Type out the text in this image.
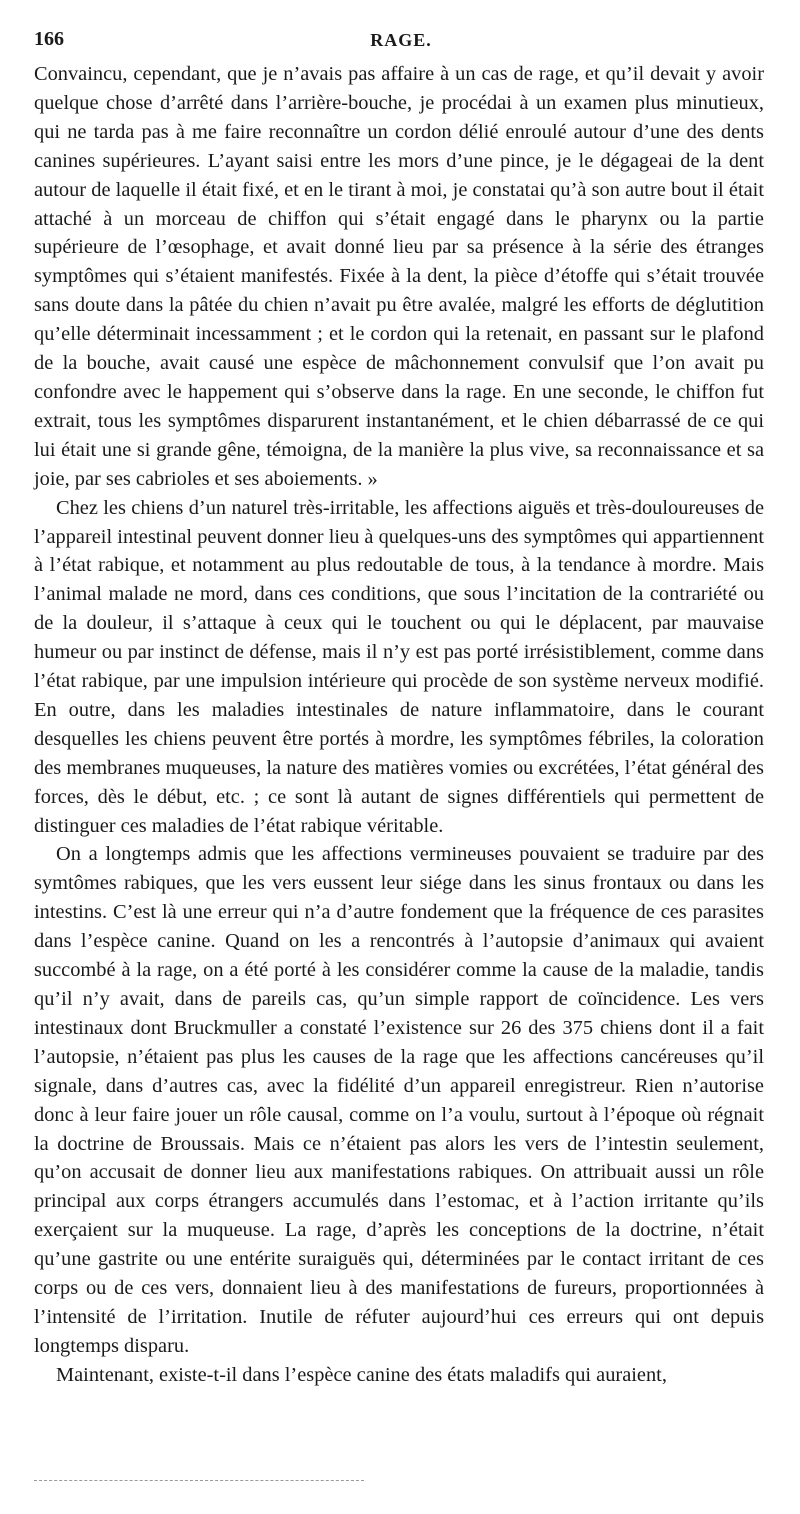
166	RAGE.

Convaincu, cependant, que je n’avais pas affaire à un cas de rage, et qu’il devait y avoir quelque chose d’arrêté dans l’arrière-bouche, je procédai à un examen plus minutieux, qui ne tarda pas à me faire reconnaître un cordon délié enroulé autour d’une des dents canines supérieures. L’ayant saisi entre les mors d’une pince, je le dégageai de la dent autour de laquelle il était fixé, et en le tirant à moi, je constatai qu’à son autre bout il était attaché à un morceau de chiffon qui s’était engagé dans le pharynx ou la partie supérieure de l’œsophage, et avait donné lieu par sa présence à la série des étranges symptômes qui s’étaient manifestés. Fixée à la dent, la pièce d’étoffe qui s’était trouvée sans doute dans la pâtée du chien n’avait pu être avalée, malgré les efforts de déglutition qu’elle déterminait incessamment ; et le cordon qui la retenait, en passant sur le plafond de la bouche, avait causé une espèce de mâchonnement convulsif que l’on avait pu confondre avec le happement qui s’observe dans la rage. En une seconde, le chiffon fut extrait, tous les symptômes disparurent instantanément, et le chien débarrassé de ce qui lui était une si grande gêne, témoigna, de la manière la plus vive, sa reconnaissance et sa joie, par ses cabrioles et ses aboiements. »

Chez les chiens d’un naturel très-irritable, les affections aiguës et très-douloureuses de l’appareil intestinal peuvent donner lieu à quelques-uns des symptômes qui appartiennent à l’état rabique, et notamment au plus redoutable de tous, à la tendance à mordre. Mais l’animal malade ne mord, dans ces conditions, que sous l’incitation de la contrariété ou de la douleur, il s’attaque à ceux qui le touchent ou qui le déplacent, par mauvaise humeur ou par instinct de défense, mais il n’y est pas porté irrésistiblement, comme dans l’état rabique, par une impulsion intérieure qui procède de son système nerveux modifié. En outre, dans les maladies intestinales de nature inflammatoire, dans le courant desquelles les chiens peuvent être portés à mordre, les symptômes fébriles, la coloration des membranes muqueuses, la nature des matières vomies ou excrétées, l’état général des forces, dès le début, etc. ; ce sont là autant de signes différentiels qui permettent de distinguer ces maladies de l’état rabique véritable.

On a longtemps admis que les affections vermineuses pouvaient se traduire par des symtômes rabiques, que les vers eussent leur siége dans les sinus frontaux ou dans les intestins. C’est là une erreur qui n’a d’autre fondement que la fréquence de ces parasites dans l’espèce canine. Quand on les a rencontrés à l’autopsie d’animaux qui avaient succombé à la rage, on a été porté à les considérer comme la cause de la maladie, tandis qu’il n’y avait, dans de pareils cas, qu’un simple rapport de coïncidence. Les vers intestinaux dont Bruckmuller a constaté l’existence sur 26 des 375 chiens dont il a fait l’autopsie, n’étaient pas plus les causes de la rage que les affections cancéreuses qu’il signale, dans d’autres cas, avec la fidélité d’un appareil enregistreur. Rien n’autorise donc à leur faire jouer un rôle causal, comme on l’a voulu, surtout à l’époque où régnait la doctrine de Broussais. Mais ce n’étaient pas alors les vers de l’intestin seulement, qu’on accusait de donner lieu aux manifestations rabiques. On attribuait aussi un rôle principal aux corps étrangers accumulés dans l’estomac, et à l’action irritante qu’ils exerçaient sur la muqueuse. La rage, d’après les conceptions de la doctrine, n’était qu’une gastrite ou une entérite suraiguës qui, déterminées par le contact irritant de ces corps ou de ces vers, donnaient lieu à des manifestations de fureurs, proportionnées à l’intensité de l’irritation. Inutile de réfuter aujourd’hui ces erreurs qui ont depuis longtemps disparu.

Maintenant, existe-t-il dans l’espèce canine des états maladifs qui auraient,
